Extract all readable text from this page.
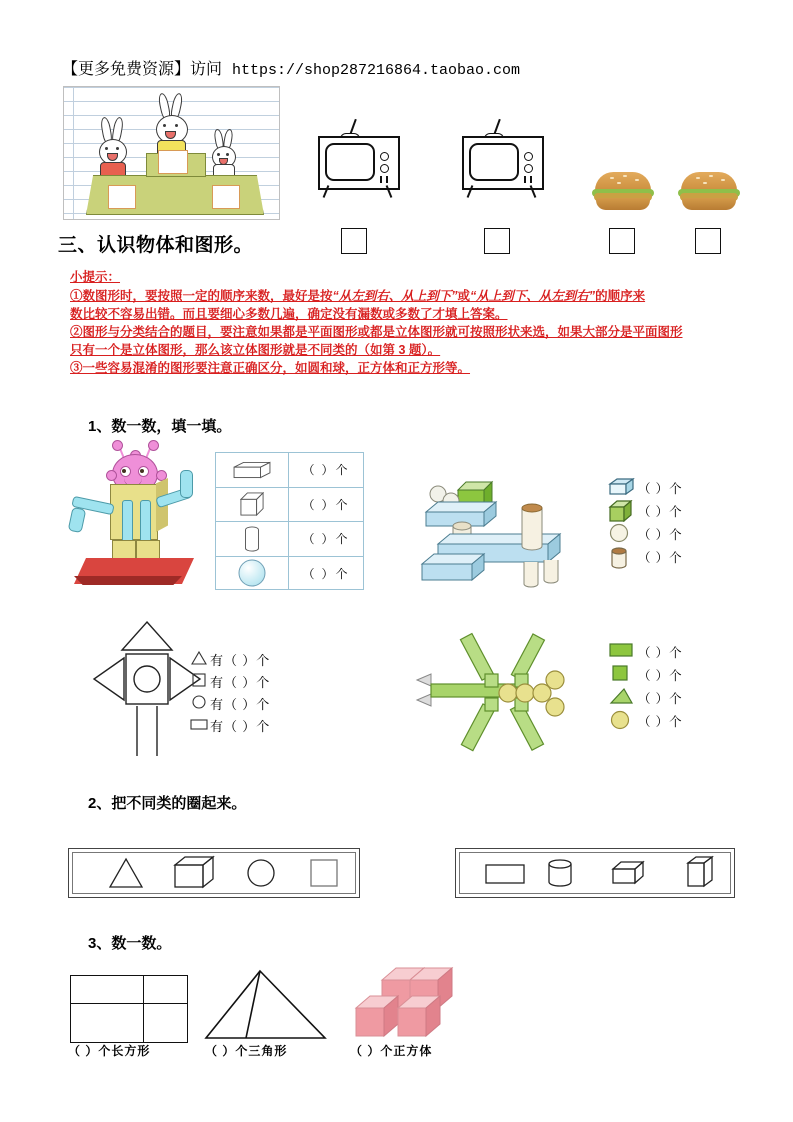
【更多免费资源】访问 https://shop287216864.taobao.com
三、认识物体和图形。
小提示：

①数图形时，要按照一定的顺序来数，最好是按“从左到右、从上到下”或“从上到下、从左到右”的顺序来

数比较不容易出错。而且要细心多数几遍，确定没有漏数或多数了才填上答案。

②图形与分类结合的题目，要注意如果都是平面图形或都是立体图形就可按照形状来选，如果大部分是平面图形

只有一个是立体图形，那么该立体图形就是不同类的（如第 3 题）。

③一些容易混淆的图形要注意正确区分，如圆和球，正方体和正方形等。

1、数一数，填一填。
（ ）个
（ ）个
（ ）个
（ ）个
（ ）个
（ ）个
（ ）个
（ ）个
有（ ）个
有（ ）个
有（ ）个
有（ ）个
（ ）个
（ ）个
（ ）个
（ ）个
2、把不同类的圈起来。
3、数一数。
（ ）个长方形	（ ）个三角形	（ ）个正方体
